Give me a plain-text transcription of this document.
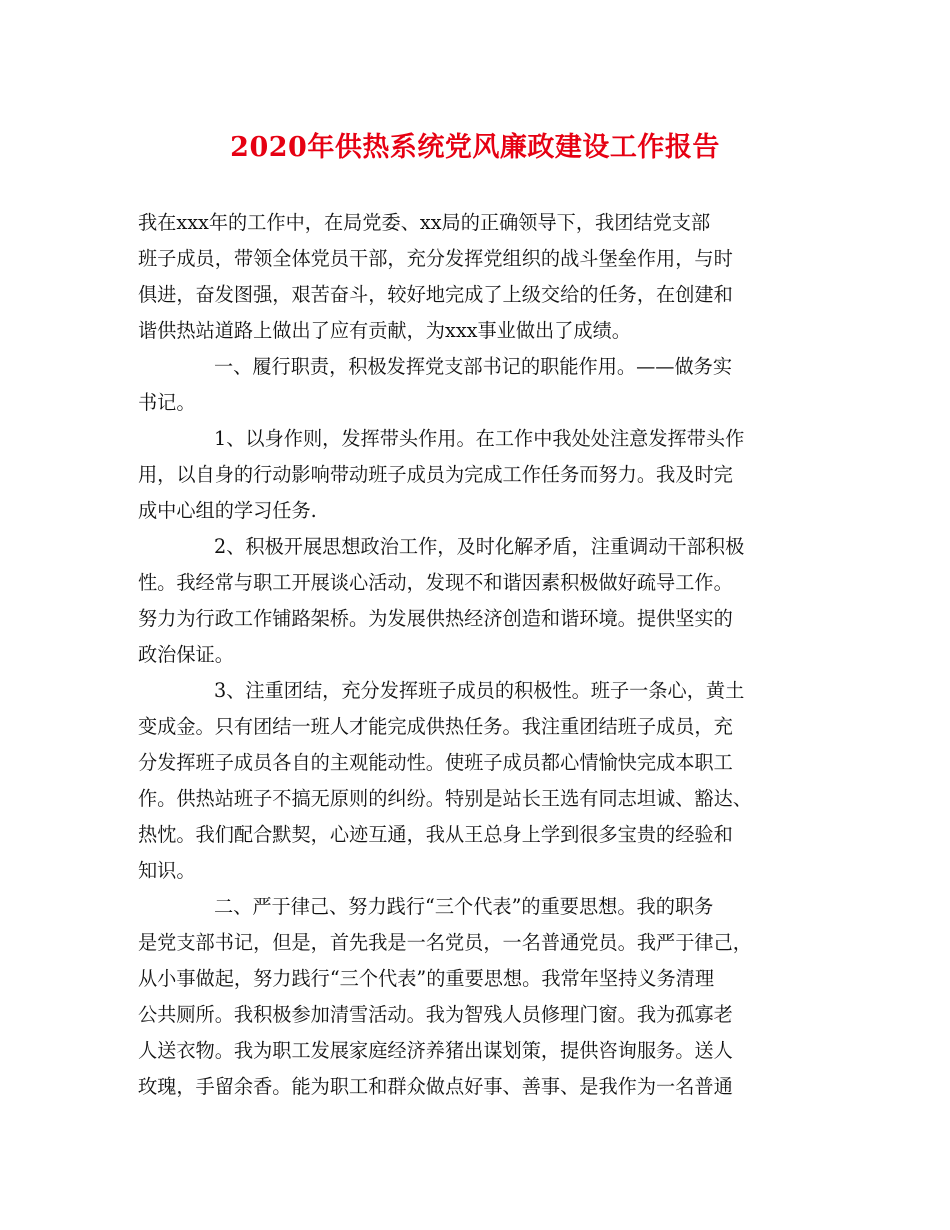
2020年供热系统党风廉政建设工作报告
我在xxx年的工作中，在局党委、xx局的正确领导下，我团结党支部
班子成员，带领全体党员干部，充分发挥党组织的战斗堡垒作用，与时
俱进，奋发图强，艰苦奋斗，较好地完成了上级交给的任务，在创建和
谐供热站道路上做出了应有贡献，为xxx事业做出了成绩。
一、履行职责，积极发挥党支部书记的职能作用。——做务实
书记。
1、以身作则，发挥带头作用。在工作中我处处注意发挥带头作
用，以自身的行动影响带动班子成员为完成工作任务而努力。我及时完
成中心组的学习任务.
2、积极开展思想政治工作，及时化解矛盾，注重调动干部积极
性。我经常与职工开展谈心活动，发现不和谐因素积极做好疏导工作。
努力为行政工作铺路架桥。为发展供热经济创造和谐环境。提供坚实的
政治保证。
3、注重团结，充分发挥班子成员的积极性。班子一条心，黄土
变成金。只有团结一班人才能完成供热任务。我注重团结班子成员，充
分发挥班子成员各自的主观能动性。使班子成员都心情愉快完成本职工
作。供热站班子不搞无原则的纠纷。特别是站长王选有同志坦诚、豁达、
热忱。我们配合默契，心迹互通，我从王总身上学到很多宝贵的经验和
知识。
二、严于律己、努力践行“三个代表”的重要思想。我的职务
是党支部书记，但是，首先我是一名党员，一名普通党员。我严于律己，
从小事做起，努力践行“三个代表”的重要思想。我常年坚持义务清理
公共厕所。我积极参加清雪活动。我为智残人员修理门窗。我为孤寡老
人送衣物。我为职工发展家庭经济养猪出谋划策，提供咨询服务。送人
玫瑰，手留余香。能为职工和群众做点好事、善事、是我作为一名普通
